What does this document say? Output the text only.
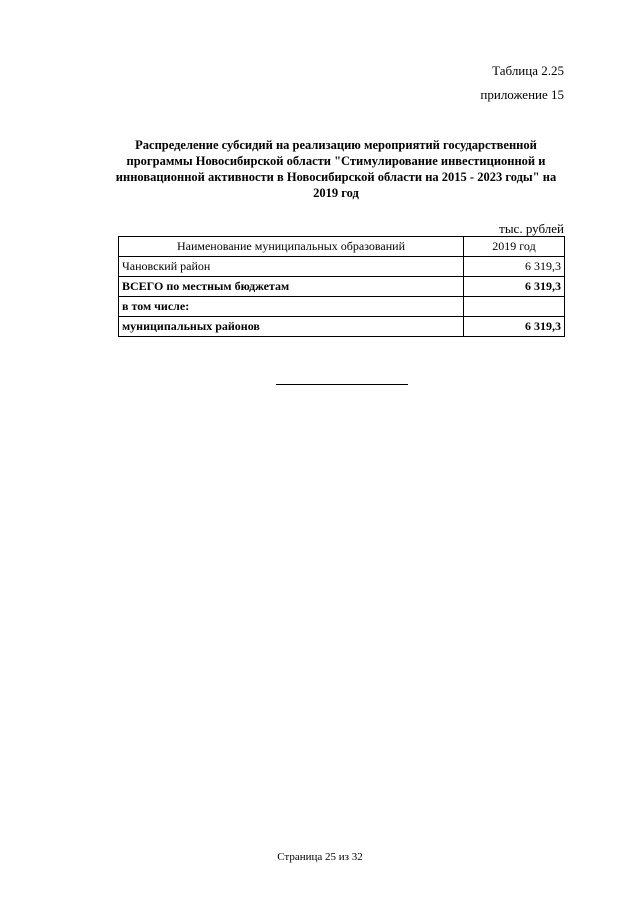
Таблица 2.25
приложение 15
Распределение субсидий на реализацию мероприятий государственной программы Новосибирской области "Стимулирование инвестиционной и инновационной активности в Новосибирской области на 2015 - 2023 годы" на 2019 год
тыс. рублей
Наименование муниципальных образований	2019 год
Чановский район	6 319,3
ВСЕГО по местным бюджетам	6 319,3
в том числе:	
муниципальных районов	6 319,3
Страница 25 из 32
